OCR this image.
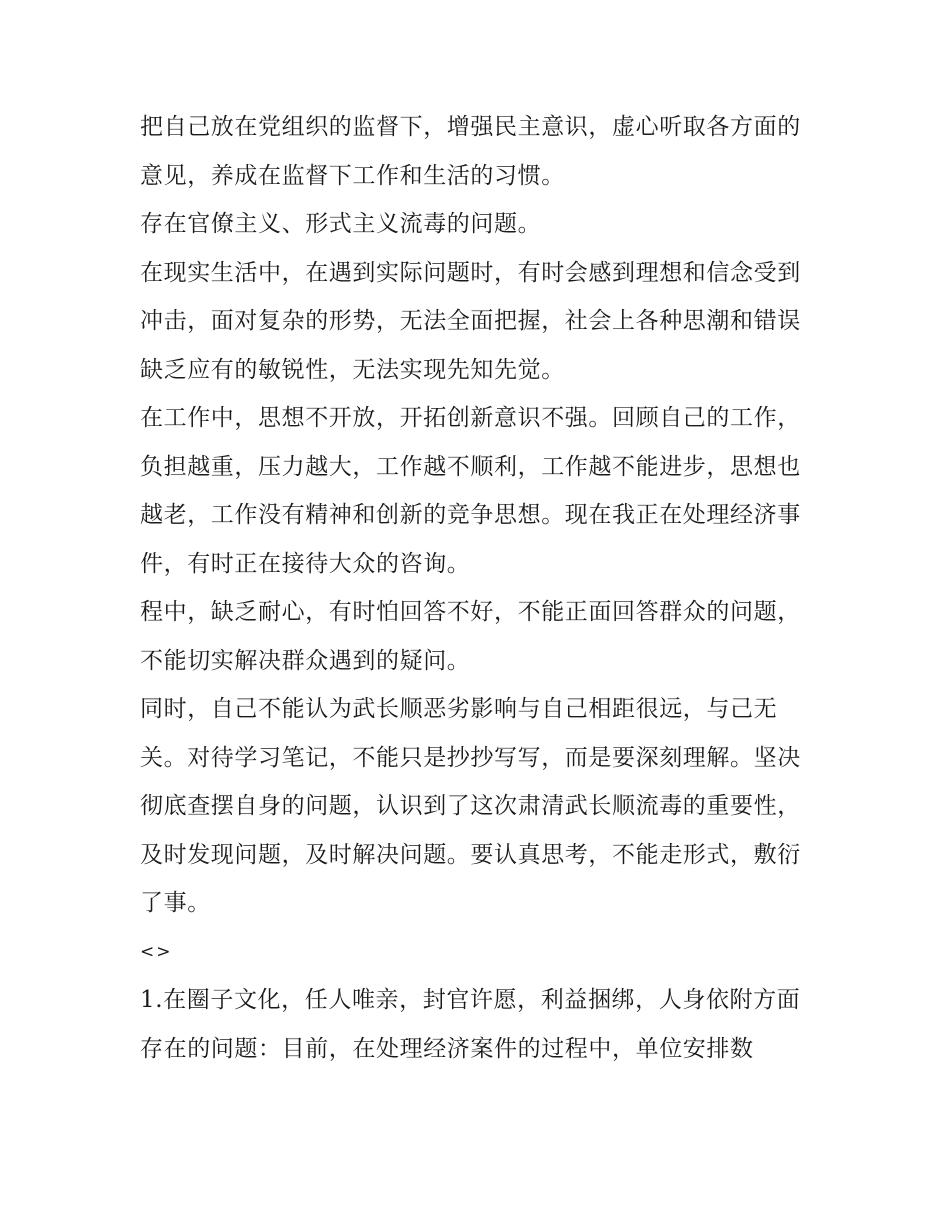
把自己放在党组织的监督下，增强民主意识，虚心听取各方面的意见，养成在监督下工作和生活的习惯。

存在官僚主义、形式主义流毒的问题。

在现实生活中，在遇到实际问题时，有时会感到理想和信念受到冲击，面对复杂的形势，无法全面把握，社会上各种思潮和错误缺乏应有的敏锐性，无法实现先知先觉。

在工作中，思想不开放，开拓创新意识不强。回顾自己的工作，负担越重，压力越大，工作越不顺利，工作越不能进步，思想也越老，工作没有精神和创新的竞争思想。现在我正在处理经济事件，有时正在接待大众的咨询。

程中，缺乏耐心，有时怕回答不好，不能正面回答群众的问题，不能切实解决群众遇到的疑问。

同时，自己不能认为武长顺恶劣影响与自己相距很远，与己无关。对待学习笔记，不能只是抄抄写写，而是要深刻理解。坚决彻底查摆自身的问题，认识到了这次肃清武长顺流毒的重要性，及时发现问题，及时解决问题。要认真思考，不能走形式，敷衍了事。

<>

1.在圈子文化，任人唯亲，封官许愿，利益捆绑，人身依附方面存在的问题：目前，在处理经济案件的过程中，单位安排数
